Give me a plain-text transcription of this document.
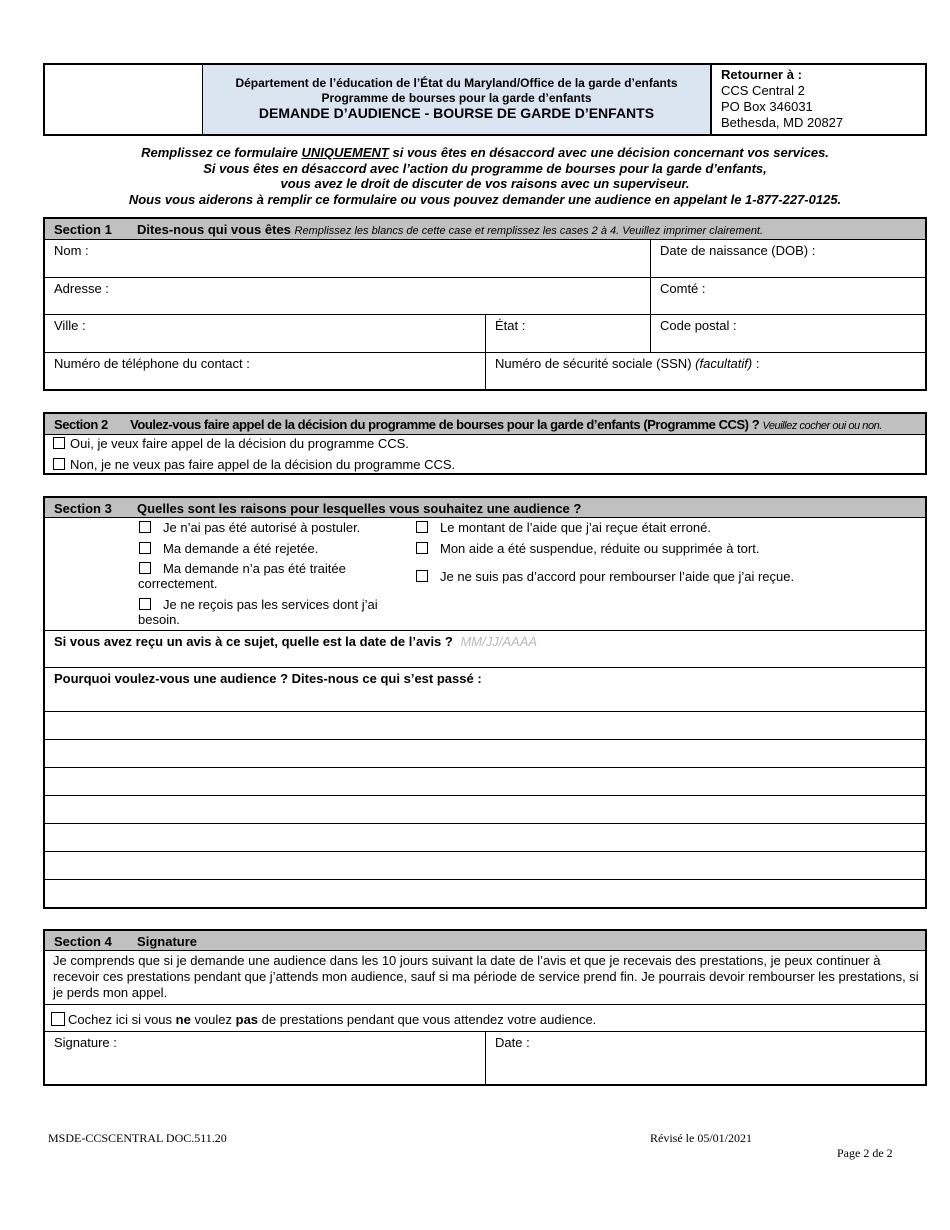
Département de l’éducation de l’État du Maryland/Office de la garde d’enfants
Programme de bourses pour la garde d’enfants
DEMANDE D’AUDIENCE - BOURSE DE GARDE D’ENFANTS
Retourner à :
CCS Central 2
PO Box 346031
Bethesda, MD 20827
Remplissez ce formulaire UNIQUEMENT si vous êtes en désaccord avec une décision concernant vos services.
Si vous êtes en désaccord avec l’action du programme de bourses pour la garde d’enfants,
vous avez le droit de discuter de vos raisons avec un superviseur.
Nous vous aiderons à remplir ce formulaire ou vous pouvez demander une audience en appelant le 1-877-227-0125.
Section 1 Dites-nous qui vous êtes Remplissez les blancs de cette case et remplissez les cases 2 à 4. Veuillez imprimer clairement.
Nom :	Date de naissance (DOB) :
Adresse :	Comté :
Ville :	État :	Code postal :
Numéro de téléphone du contact :	Numéro de sécurité sociale (SSN) (facultatif) :
Section 2 Voulez-vous faire appel de la décision du programme de bourses pour la garde d’enfants (Programme CCS) ? Veuillez cocher oui ou non.
Oui, je veux faire appel de la décision du programme CCS.
Non, je ne veux pas faire appel de la décision du programme CCS.
Section 3 Quelles sont les raisons pour lesquelles vous souhaitez une audience ?
Je n’ai pas été autorisé à postuler.
Ma demande a été rejetée.
Ma demande n’a pas été traitée correctement.
Je ne reçois pas les services dont j’ai besoin.
Le montant de l’aide que j’ai reçue était erroné.
Mon aide a été suspendue, réduite ou supprimée à tort.
Je ne suis pas d’accord pour rembourser l’aide que j’ai reçue.
Si vous avez reçu un avis à ce sujet, quelle est la date de l’avis ? MM/JJ/AAAA
Pourquoi voulez-vous une audience ? Dites-nous ce qui s’est passé :
Section 4 Signature
Je comprends que si je demande une audience dans les 10 jours suivant la date de l’avis et que je recevais des prestations, je peux continuer à recevoir ces prestations pendant que j’attends mon audience, sauf si ma période de service prend fin. Je pourrais devoir rembourser les prestations, si je perds mon appel.
Cochez ici si vous ne voulez pas de prestations pendant que vous attendez votre audience.
Signature :	Date :
MSDE-CCSCENTRAL DOC.511.20	Révisé le 05/01/2021
Page 2 de 2
